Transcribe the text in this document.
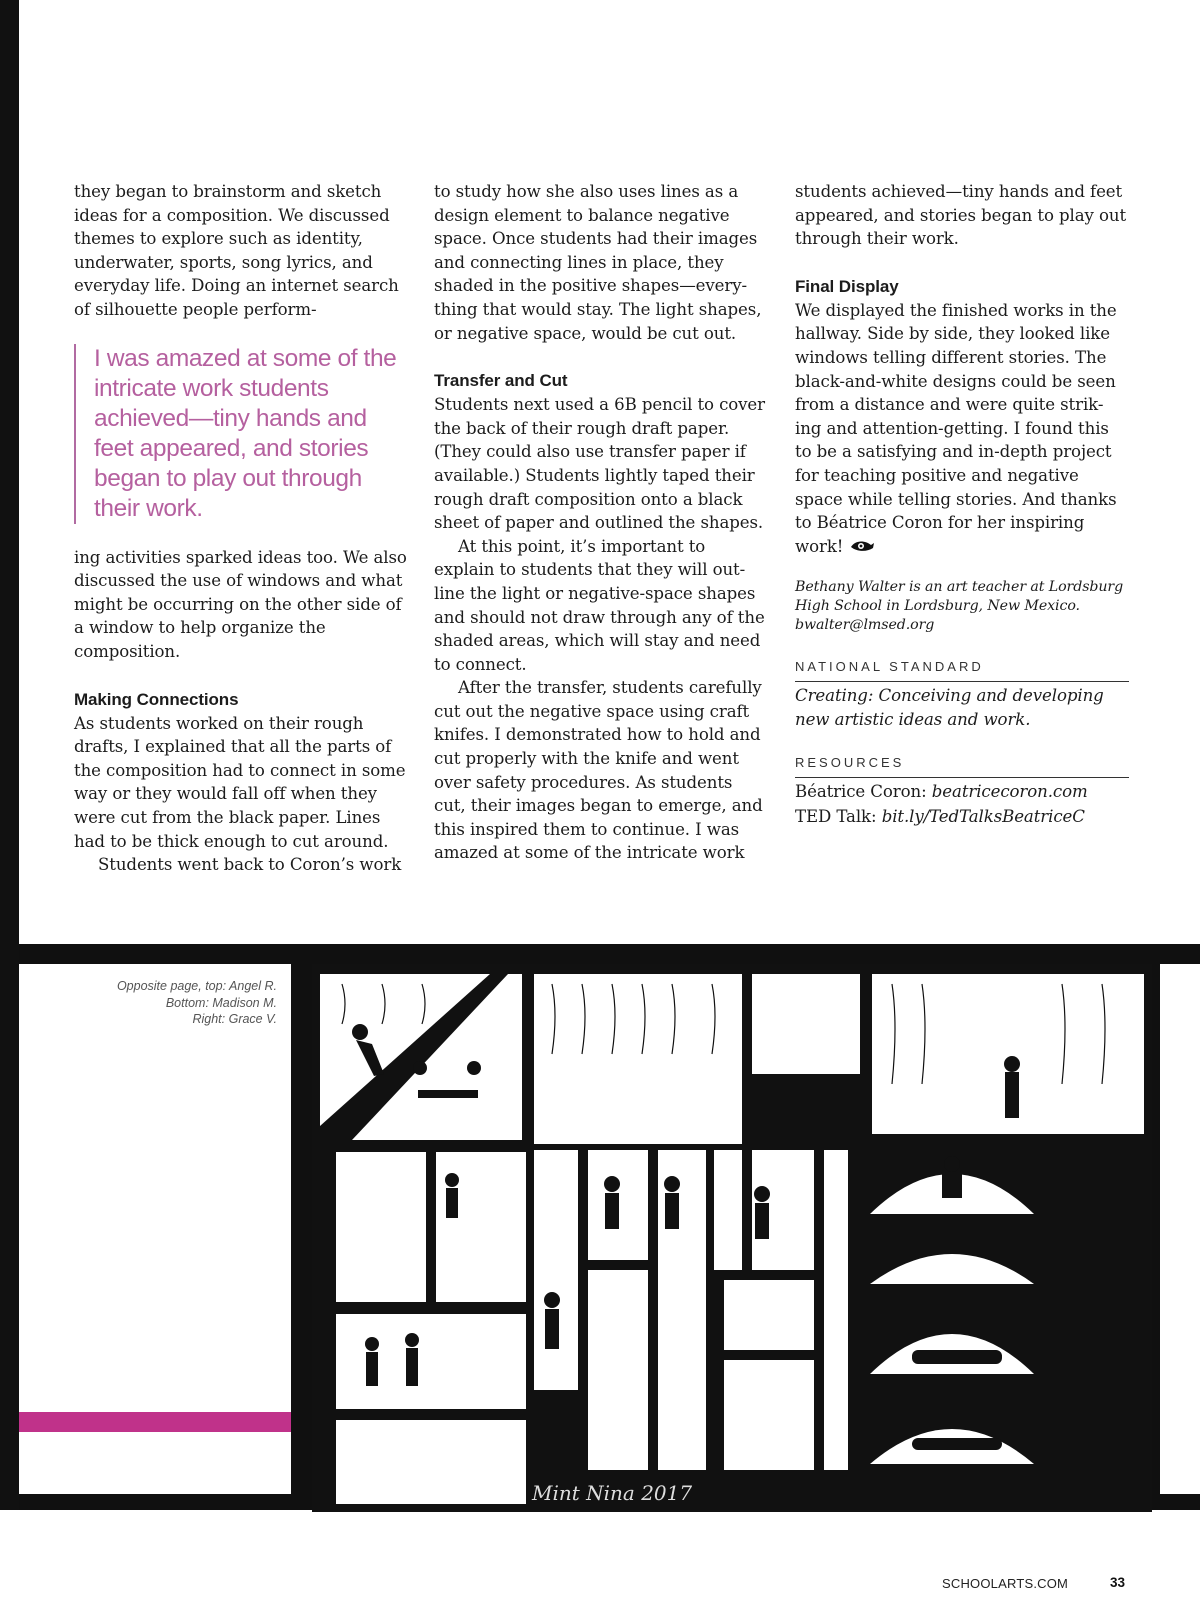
they began to brainstorm and sketch ideas for a composition. We discussed themes to explore such as identity, underwater, sports, song lyrics, and everyday life. Doing an internet search of silhouette people perform-

I was amazed at some of the intricate work students achieved—tiny hands and feet appeared, and stories began to play out through their work.

ing activities sparked ideas too. We also discussed the use of windows and what might be occurring on the other side of a window to help organize the composition.

Making Connections

As students worked on their rough drafts, I explained that all the parts of the composition had to connect in some way or they would fall off when they were cut from the black paper. Lines had to be thick enough to cut around.

Students went back to Coron’s work

to study how she also uses lines as a design element to balance negative space. Once students had their images and connecting lines in place, they shaded in the positive shapes—every-thing that would stay. The light shapes, or negative space, would be cut out.

Transfer and Cut

Students next used a 6B pencil to cover the back of their rough draft paper. (They could also use transfer paper if available.) Students lightly taped their rough draft composition onto a black sheet of paper and outlined the shapes.

At this point, it’s important to explain to students that they will out-line the light or negative-space shapes and should not draw through any of the shaded areas, which will stay and need to connect.

After the transfer, students carefully cut out the negative space using craft knifes. I demonstrated how to hold and cut properly with the knife and went over safety procedures. As students cut, their images began to emerge, and this inspired them to continue. I was amazed at some of the intricate work

students achieved—tiny hands and feet appeared, and stories began to play out through their work.

Final Display

We displayed the finished works in the hallway. Side by side, they looked like windows telling different stories. The black-and-white designs could be seen from a distance and were quite strik-ing and attention-getting. I found this to be a satisfying and in-depth project for teaching positive and negative space while telling stories. And thanks to Béatrice Coron for her inspiring work!

Bethany Walter is an art teacher at Lordsburg High School in Lordsburg, New Mexico. bwalter@lmsed.org

NATIONAL STANDARD

Creating: Conceiving and developing new artistic ideas and work.

RESOURCES

Béatrice Coron: beatricecoron.com

TED Talk: bit.ly/TedTalksBeatriceC

Opposite page, top: Angel R.
Bottom: Madison M.
Right: Grace V.
Mint Nina 2017
SCHOOLARTS.COM	33
